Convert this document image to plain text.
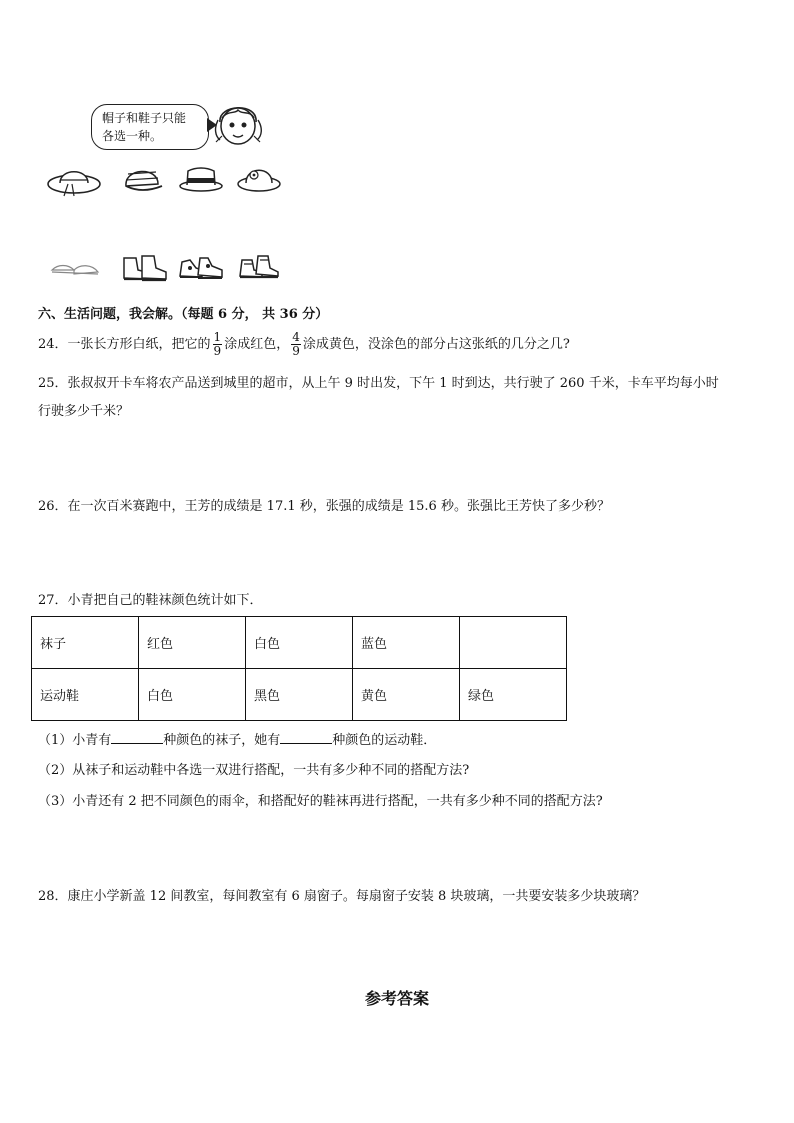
帽子和鞋子只能
各选一种。
六、生活问题，我会解。（每题 6 分， 共 36 分）
24．一张长方形白纸，把它的 $\frac{1}{9}$ 涂成红色， $\frac{4}{9}$ 涂成黄色，没涂色的部分占这张纸的几分之几?
25．张叔叔开卡车将农产品送到城里的超市，从上午 9 时出发，下午 1 时到达，共行驶了 260 千米，卡车平均每小时
行驶多少千米？
26．在一次百米赛跑中，王芳的成绩是 17.1 秒，张强的成绩是 15.6 秒。张强比王芳快了多少秒？
27．小青把自己的鞋袜颜色统计如下．
袜子	红色	白色	蓝色	
运动鞋	白色	黑色	黄色	绿色
（1）小青有	种颜色的袜子，她有	种颜色的运动鞋．
（2）从袜子和运动鞋中各选一双进行搭配，一共有多少种不同的搭配方法?
（3）小青还有 2 把不同颜色的雨伞，和搭配好的鞋袜再进行搭配，一共有多少种不同的搭配方法?
28．康庄小学新盖 12 间教室，每间教室有 6 扇窗子。每扇窗子安装 8 块玻璃，一共要安装多少块玻璃？
参考答案
